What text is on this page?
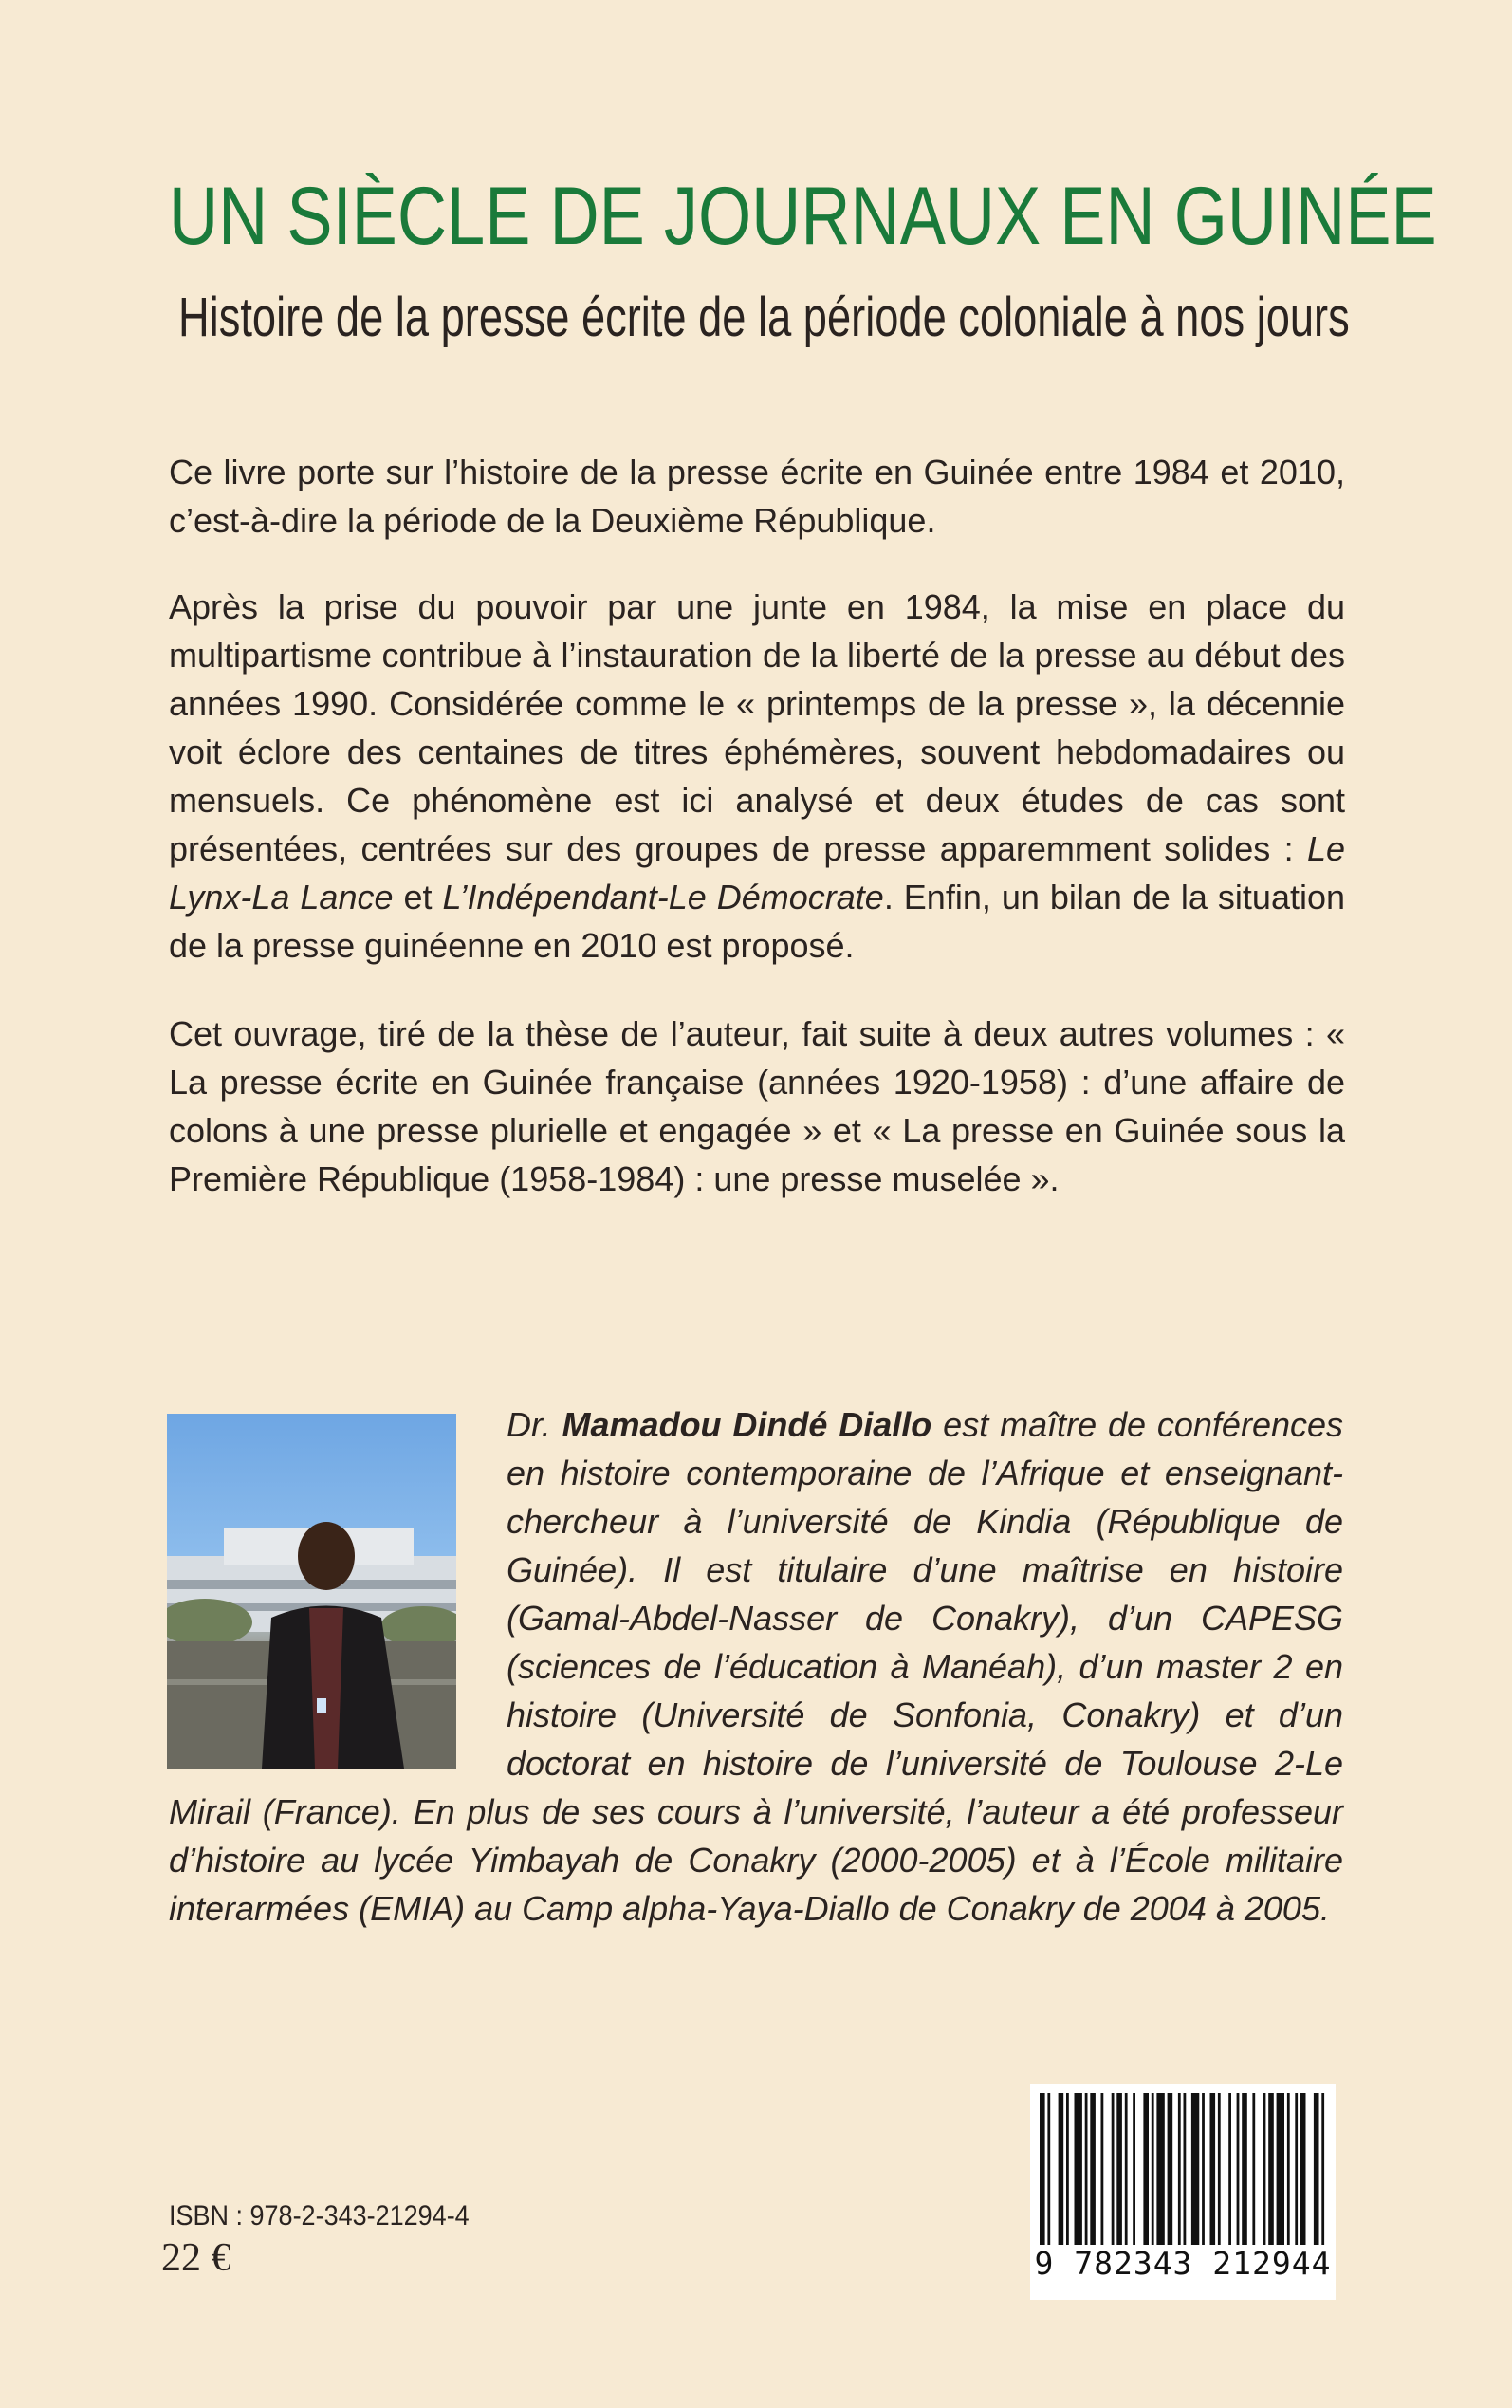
UN SIÈCLE DE JOURNAUX EN GUINÉE
Histoire de la presse écrite de la période coloniale à nos jours

Ce livre porte sur l’histoire de la presse écrite en Guinée entre 1984 et 2010, c’est-à-dire la période de la Deuxième République.

Après la prise du pouvoir par une junte en 1984, la mise en place du multipartisme contribue à l’instauration de la liberté de la presse au début des années 1990. Considérée comme le « printemps de la presse », la décennie voit éclore des centaines de titres éphémères, souvent hebdomadaires ou mensuels. Ce phénomène est ici analysé et deux études de cas sont présentées, centrées sur des groupes de presse apparemment solides : Le Lynx-La Lance et L’Indépendant-Le Démocrate. Enfin, un bilan de la situation de la presse guinéenne en 2010 est proposé.

Cet ouvrage, tiré de la thèse de l’auteur, fait suite à deux autres volumes : « La presse écrite en Guinée française (années 1920-1958) : d’une affaire de colons à une presse plurielle et engagée » et « La presse en Guinée sous la Première République (1958-1984) : une presse muselée ».

Dr. Mamadou Dindé Diallo est maître de conférences en histoire contemporaine de l’Afrique et enseignant-chercheur à l’université de Kindia (République de Guinée). Il est titulaire d’une maîtrise en histoire (Gamal-Abdel-Nasser de Conakry), d’un CAPESG (sciences de l’éducation à Manéah), d’un master 2 en histoire (Université de Sonfonia, Conakry) et d’un doctorat en histoire de l’université de Toulouse 2-Le Mirail (France). En plus de ses cours à l’université, l’auteur a été professeur d’histoire au lycée Yimbayah de Conakry (2000-2005) et à l’École militaire interarmées (EMIA) au Camp alpha-Yaya-Diallo de Conakry de 2004 à 2005.

ISBN : 978-2-343-21294-4
22 €	9 782343 212944
